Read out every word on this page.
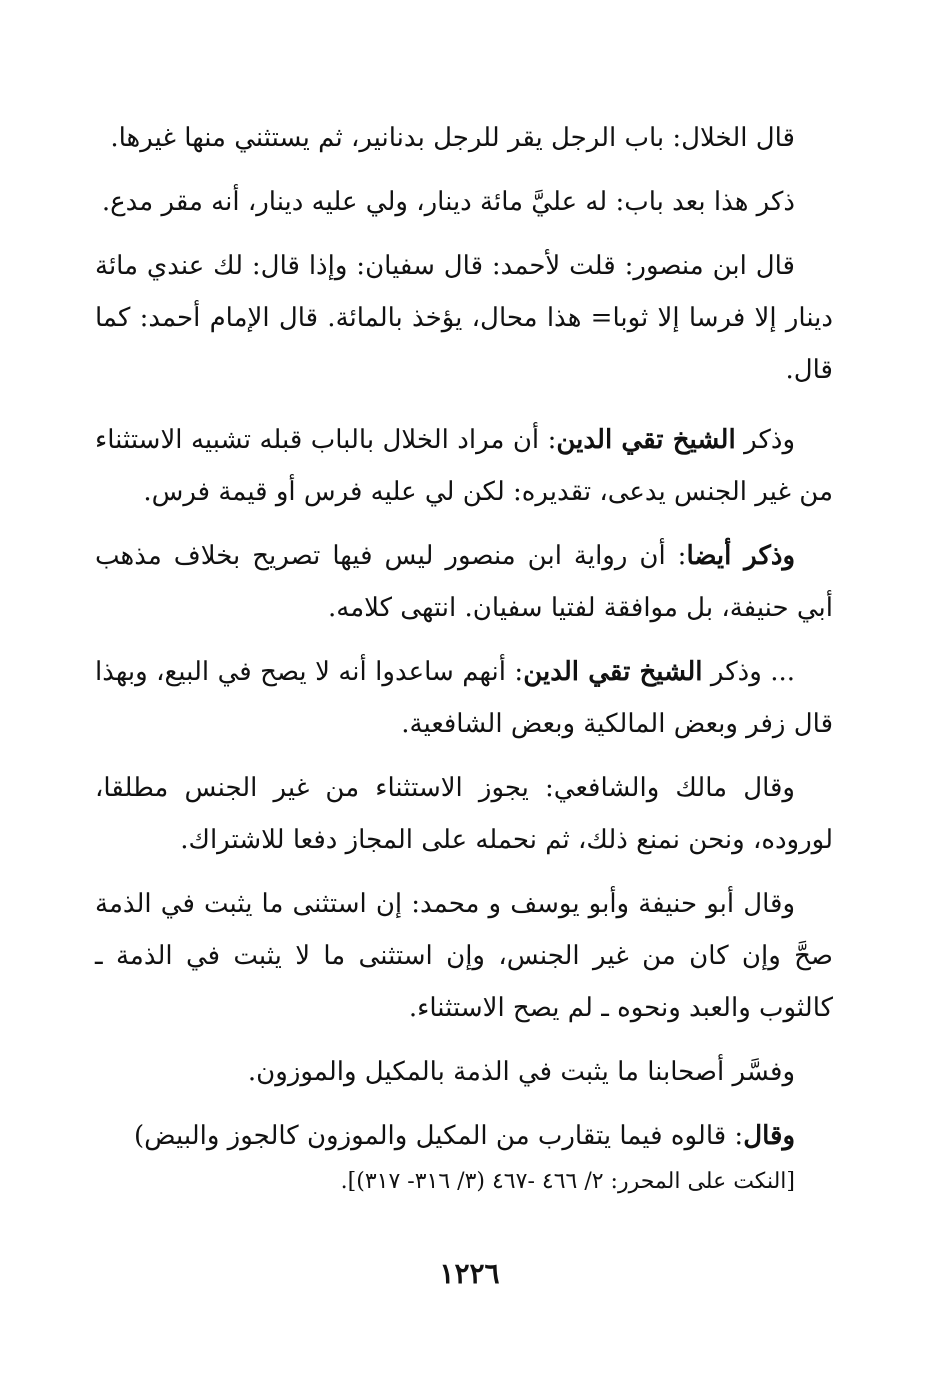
قال الخلال: باب الرجل يقر للرجل بدنانير، ثم يستثني منها غيرها.

ذكر هذا بعد باب: له عليَّ مائة دينار، ولي عليه دينار، أنه مقر مدع.

قال ابن منصور: قلت لأحمد: قال سفيان: وإذا قال: لك عندي مائة دينار إلا فرسا إلا ثوبا= هذا محال، يؤخذ بالمائة. قال الإمام أحمد: كما قال.

وذكر الشيخ تقي الدين: أن مراد الخلال بالباب قبله تشبيه الاستثناء من غير الجنس يدعى، تقديره: لكن لي عليه فرس أو قيمة فرس.

وذكر أيضا: أن رواية ابن منصور ليس فيها تصريح بخلاف مذهب أبي حنيفة، بل موافقة لفتيا سفيان. انتهى كلامه.

... وذكر الشيخ تقي الدين: أنهم ساعدوا أنه لا يصح في البيع، وبهذا قال زفر وبعض المالكية وبعض الشافعية.

وقال مالك والشافعي: يجوز الاستثناء من غير الجنس مطلقا، لوروده، ونحن نمنع ذلك، ثم نحمله على المجاز دفعا للاشتراك.

وقال أبو حنيفة وأبو يوسف و محمد: إن استثنى ما يثبت في الذمة صحَّ وإن كان من غير الجنس، وإن استثنى ما لا يثبت في الذمة ـ كالثوب والعبد ونحوه ـ لم يصح الاستثناء.

وفسَّر أصحابنا ما يثبت في الذمة بالمكيل والموزون.

وقال: قالوه فيما يتقارب من المكيل والموزون كالجوز والبيض)
[النكت على المحرر: ٢/ ٤٦٦ -٤٦٧ (٣/ ٣١٦- ٣١٧)].

١٢٢٦
